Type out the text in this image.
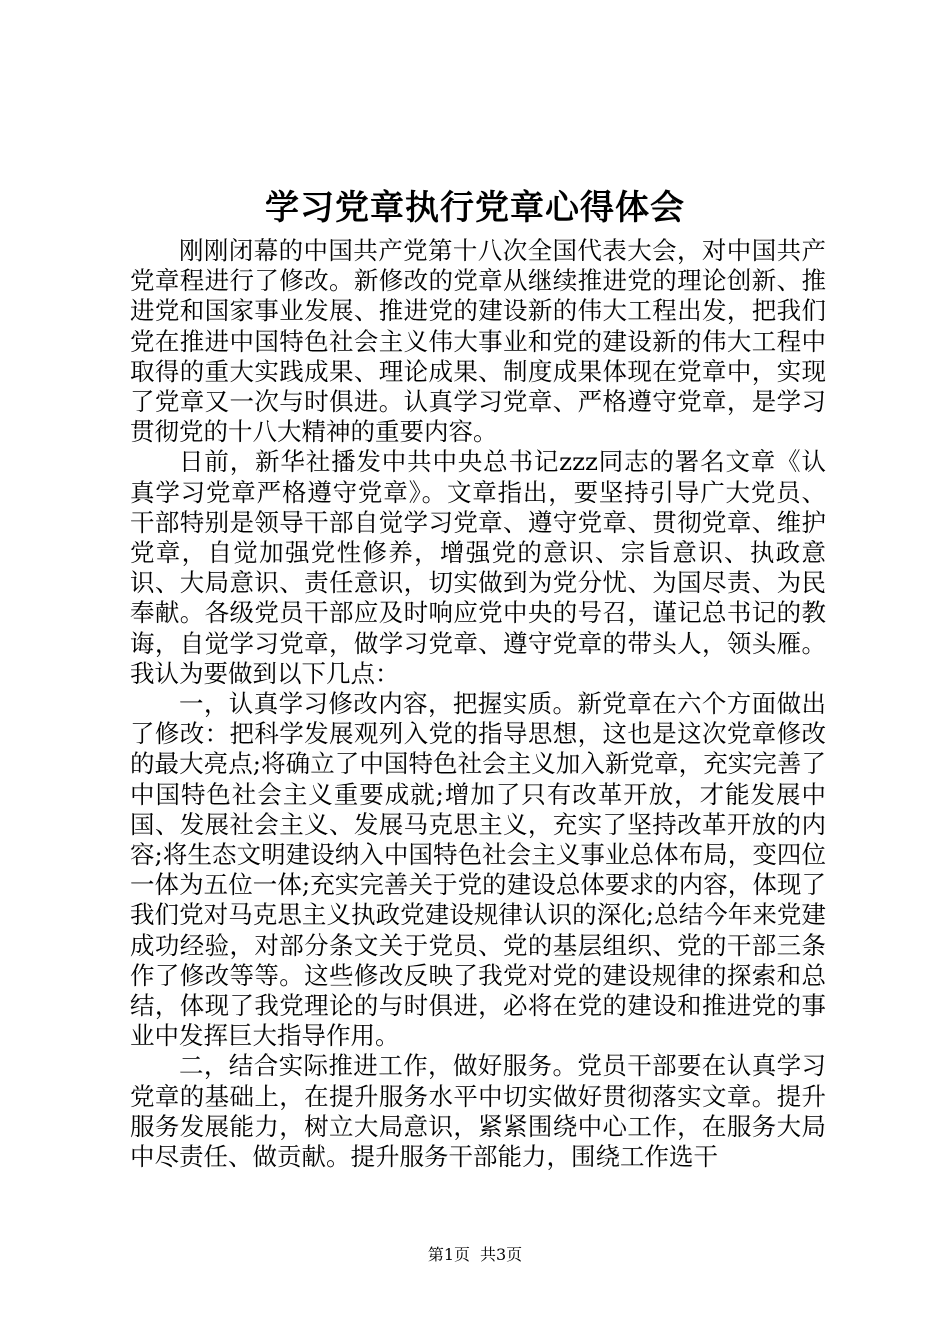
学习党章执行党章心得体会

刚刚闭幕的中国共产党第十八次全国代表大会，对中国共产党章程进行了修改。新修改的党章从继续推进党的理论创新、推进党和国家事业发展、推进党的建设新的伟大工程出发，把我们党在推进中国特色社会主义伟大事业和党的建设新的伟大工程中取得的重大实践成果、理论成果、制度成果体现在党章中，实现了党章又一次与时俱进。认真学习党章、严格遵守党章，是学习贯彻党的十八大精神的重要内容。

日前，新华社播发中共中央总书记zzz同志的署名文章《认真学习党章严格遵守党章》。文章指出，要坚持引导广大党员、干部特别是领导干部自觉学习党章、遵守党章、贯彻党章、维护党章，自觉加强党性修养，增强党的意识、宗旨意识、执政意识、大局意识、责任意识，切实做到为党分忧、为国尽责、为民奉献。各级党员干部应及时响应党中央的号召，谨记总书记的教诲，自觉学习党章，做学习党章、遵守党章的带头人，领头雁。我认为要做到以下几点：

一，认真学习修改内容，把握实质。新党章在六个方面做出了修改：把科学发展观列入党的指导思想，这也是这次党章修改的最大亮点;将确立了中国特色社会主义加入新党章，充实完善了中国特色社会主义重要成就;增加了只有改革开放，才能发展中国、发展社会主义、发展马克思主义，充实了坚持改革开放的内容;将生态文明建设纳入中国特色社会主义事业总体布局，变四位一体为五位一体;充实完善关于党的建设总体要求的内容，体现了我们党对马克思主义执政党建设规律认识的深化;总结今年来党建成功经验，对部分条文关于党员、党的基层组织、党的干部三条作了修改等等。这些修改反映了我党对党的建设规律的探索和总结，体现了我党理论的与时俱进，必将在党的建设和推进党的事业中发挥巨大指导作用。

二，结合实际推进工作，做好服务。党员干部要在认真学习党章的基础上，在提升服务水平中切实做好贯彻落实文章。提升服务发展能力，树立大局意识，紧紧围绕中心工作，在服务大局中尽责任、做贡献。提升服务干部能力，围绕工作选干

第1页 共3页
